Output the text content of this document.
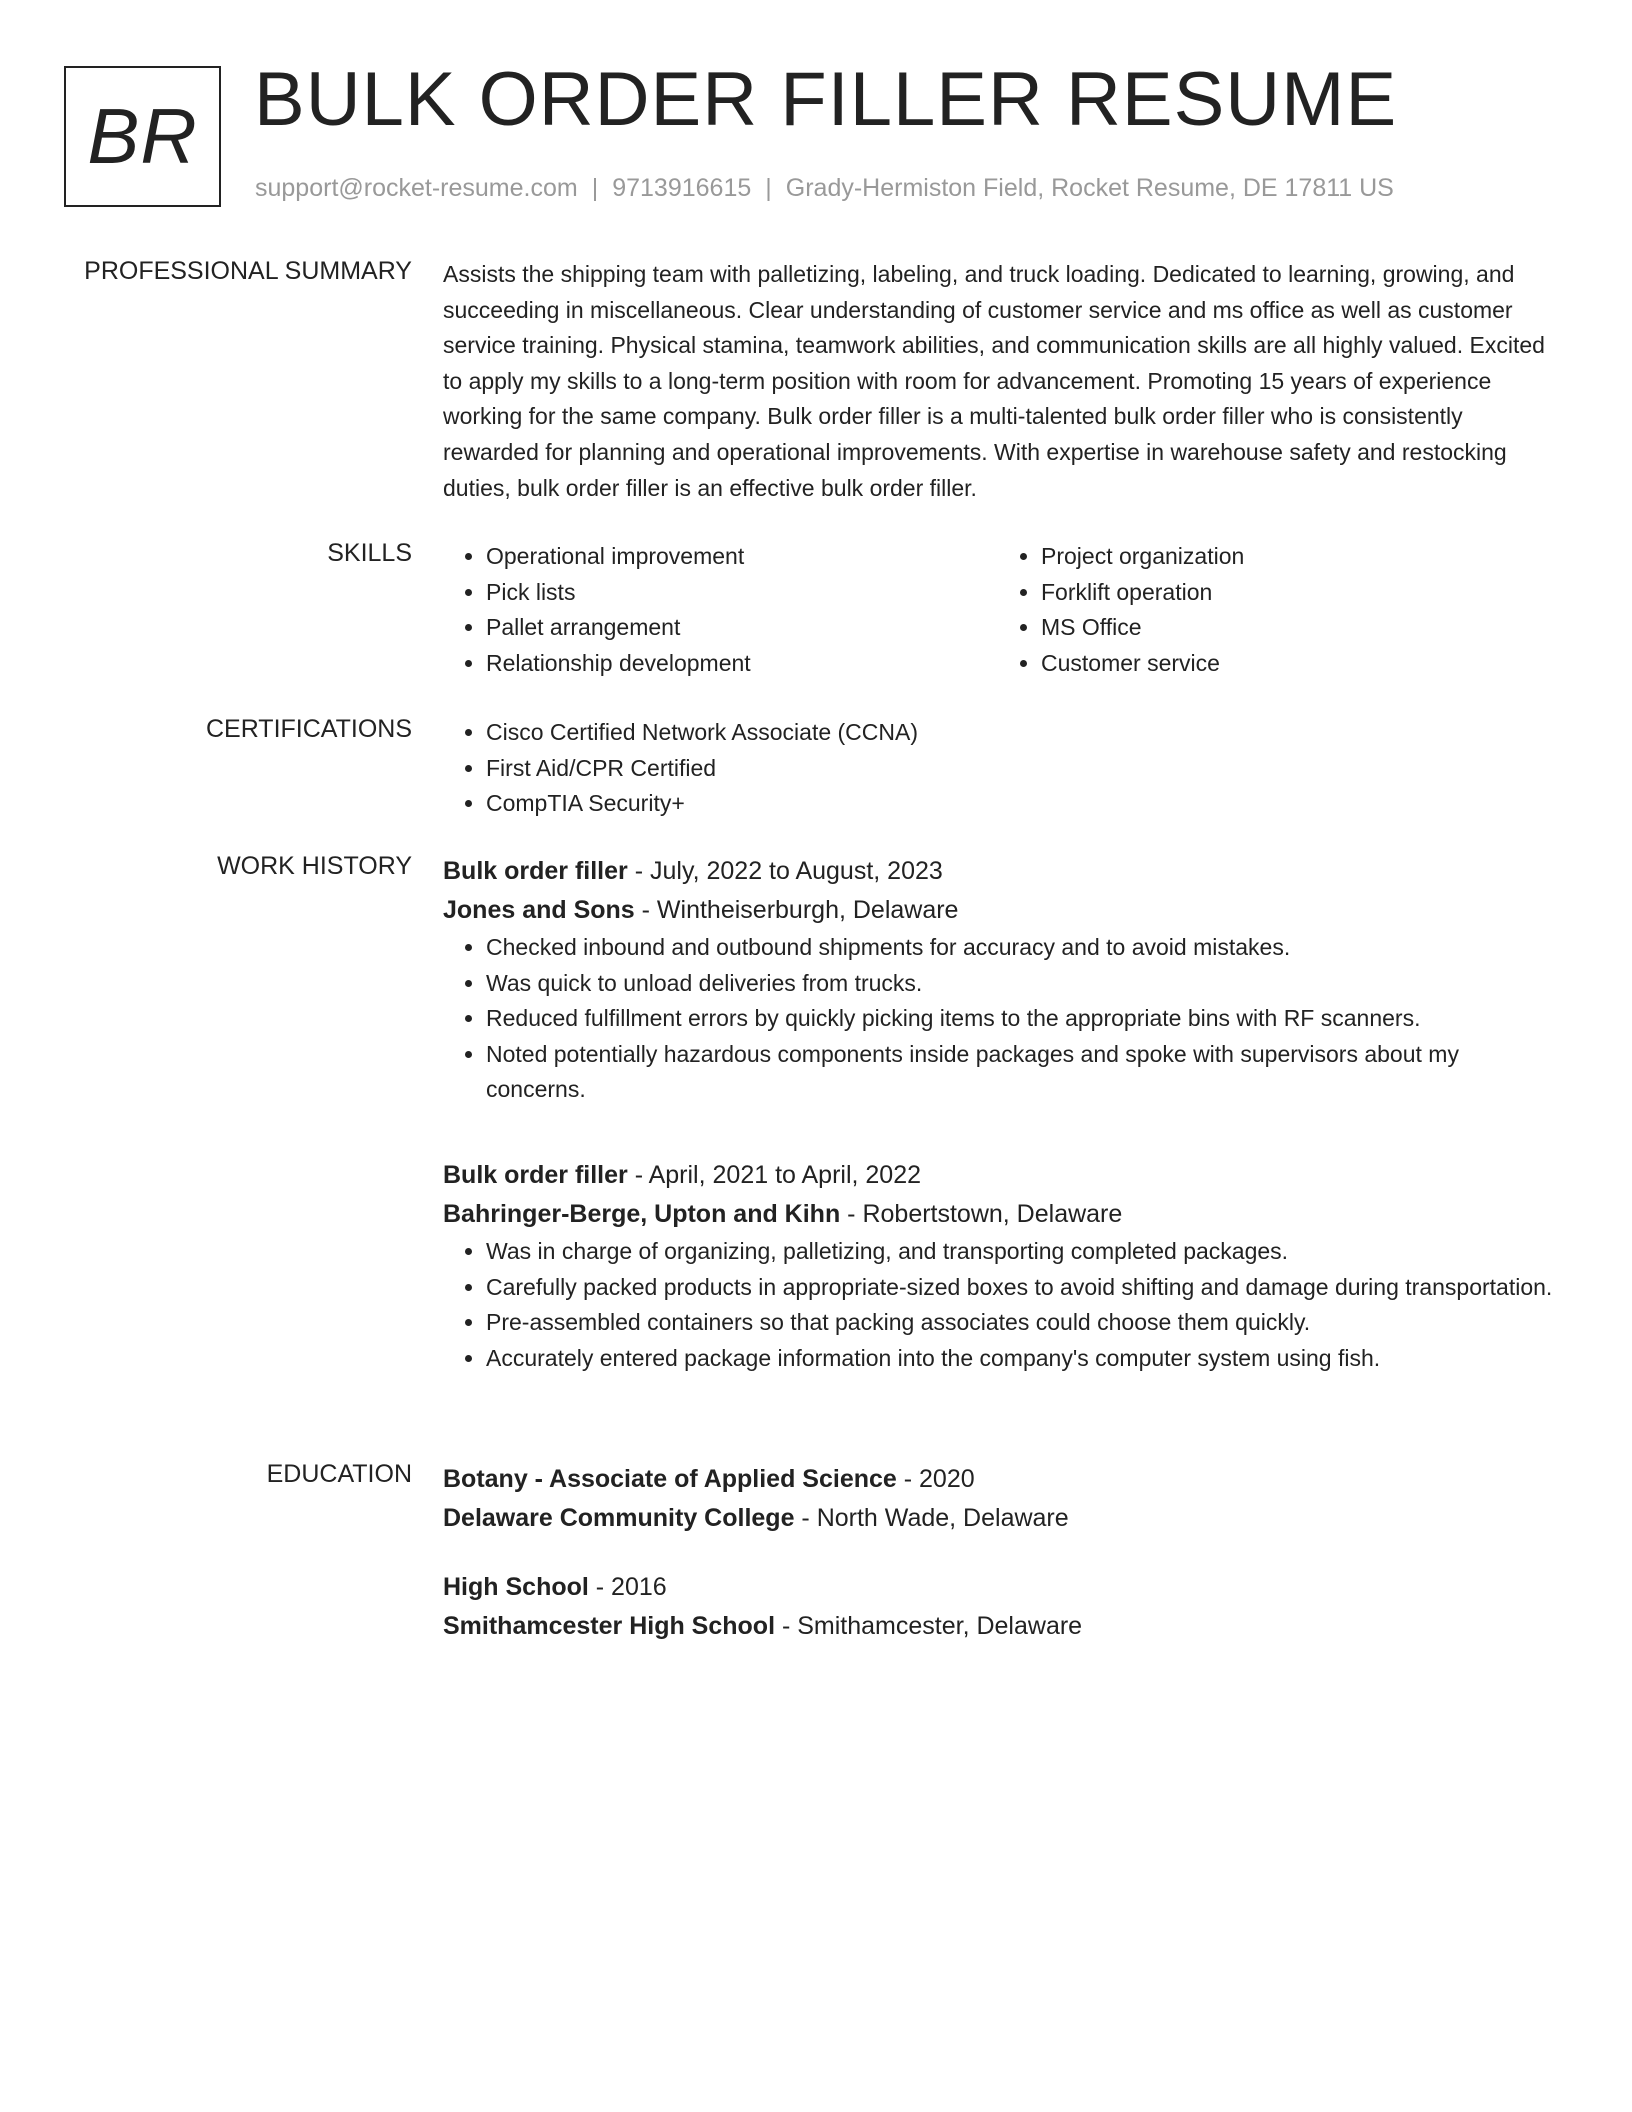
BR BULK ORDER FILLER RESUME
support@rocket-resume.com | 9713916615 | Grady-Hermiston Field, Rocket Resume, DE 17811 US
PROFESSIONAL SUMMARY Assists the shipping team with palletizing, labeling, and truck loading. Dedicated to learning, growing, and succeeding in miscellaneous. Clear understanding of customer service and ms office as well as customer service training. Physical stamina, teamwork abilities, and communication skills are all highly valued. Excited to apply my skills to a long-term position with room for advancement. Promoting 15 years of experience working for the same company. Bulk order filler is a multi-talented bulk order filler who is consistently rewarded for planning and operational improvements. With expertise in warehouse safety and restocking duties, bulk order filler is an effective bulk order filler.

SKILLS	• Operational improvement
• Pick lists
• Pallet arrangement
• Relationship development
• Project organization
• Forklift operation
• MS Office
• Customer service
CERTIFICATIONS	• Cisco Certified Network Associate (CCNA)
• First Aid/CPR Certified
• CompTIA Security+
WORK HISTORY Bulk order filler - July, 2022 to August, 2023
Jones and Sons - Wintheiserburgh, Delaware
• Checked inbound and outbound shipments for accuracy and to avoid mistakes.
• Was quick to unload deliveries from trucks.
• Reduced fulfillment errors by quickly picking items to the appropriate bins with RF scanners.
• Noted potentially hazardous components inside packages and spoke with supervisors about my concerns.
Bulk order filler - April, 2021 to April, 2022
Bahringer-Berge, Upton and Kihn - Robertstown, Delaware
• Was in charge of organizing, palletizing, and transporting completed packages.
• Carefully packed products in appropriate-sized boxes to avoid shifting and damage during transportation.
• Pre-assembled containers so that packing associates could choose them quickly.
• Accurately entered package information into the company's computer system using fish.
EDUCATION Botany - Associate of Applied Science - 2020
Delaware Community College - North Wade, Delaware
High School - 2016
Smithamcester High School - Smithamcester, Delaware
